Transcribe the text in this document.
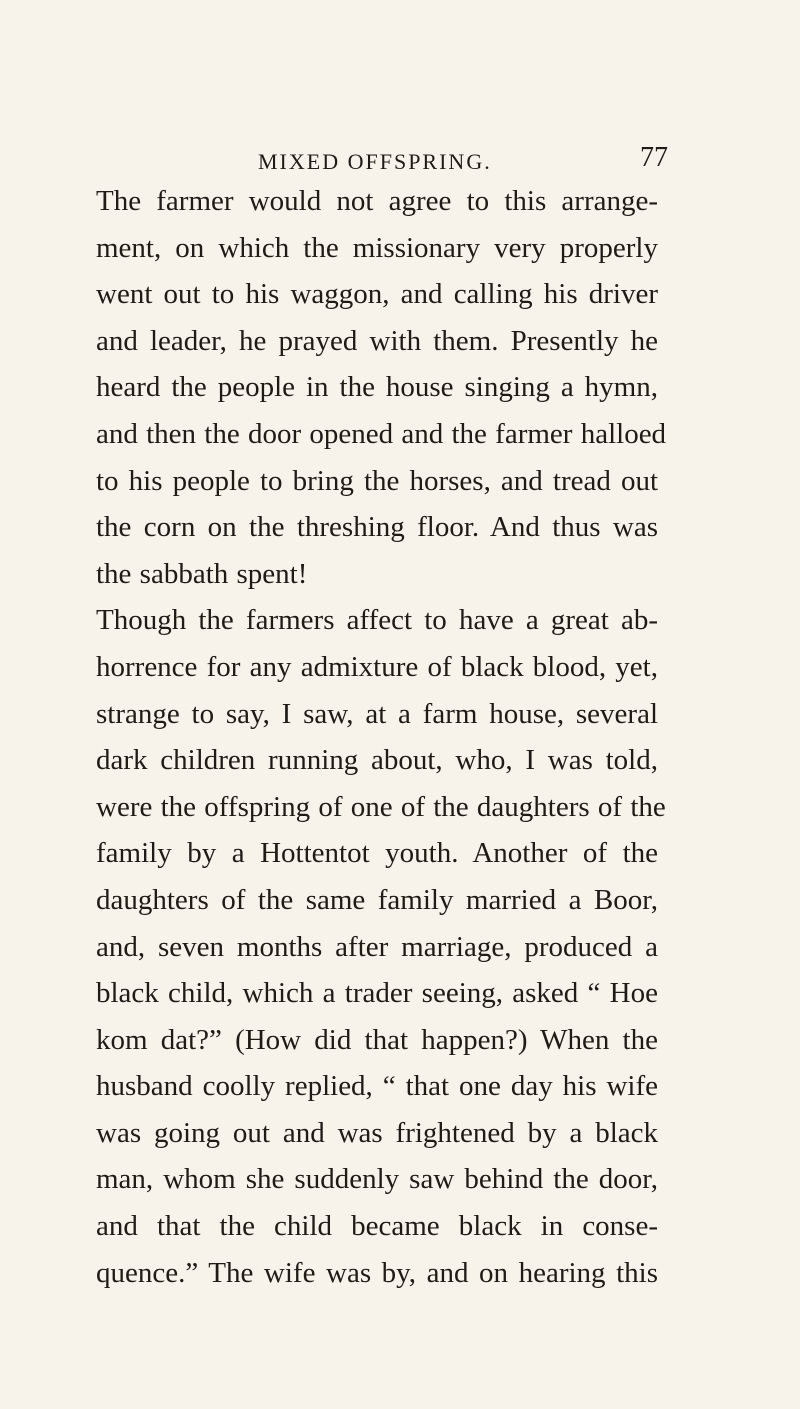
MIXED OFFSPRING.	77
The farmer would not agree to this arrange-
ment, on which the missionary very properly
went out to his waggon, and calling his driver
and leader, he prayed with them. Presently he
heard the people in the house singing a hymn,
and then the door opened and the farmer halloed
to his people to bring the horses, and tread out
the corn on the threshing floor. And thus was
the sabbath spent!
Though the farmers affect to have a great ab-
horrence for any admixture of black blood, yet,
strange to say, I saw, at a farm house, several
dark children running about, who, I was told,
were the offspring of one of the daughters of the
family by a Hottentot youth. Another of the
daughters of the same family married a Boor,
and, seven months after marriage, produced a
black child, which a trader seeing, asked “ Hoe
kom dat?” (How did that happen?) When the
husband coolly replied, “ that one day his wife
was going out and was frightened by a black
man, whom she suddenly saw behind the door,
and that the child became black in conse-
quence.” The wife was by, and on hearing this
